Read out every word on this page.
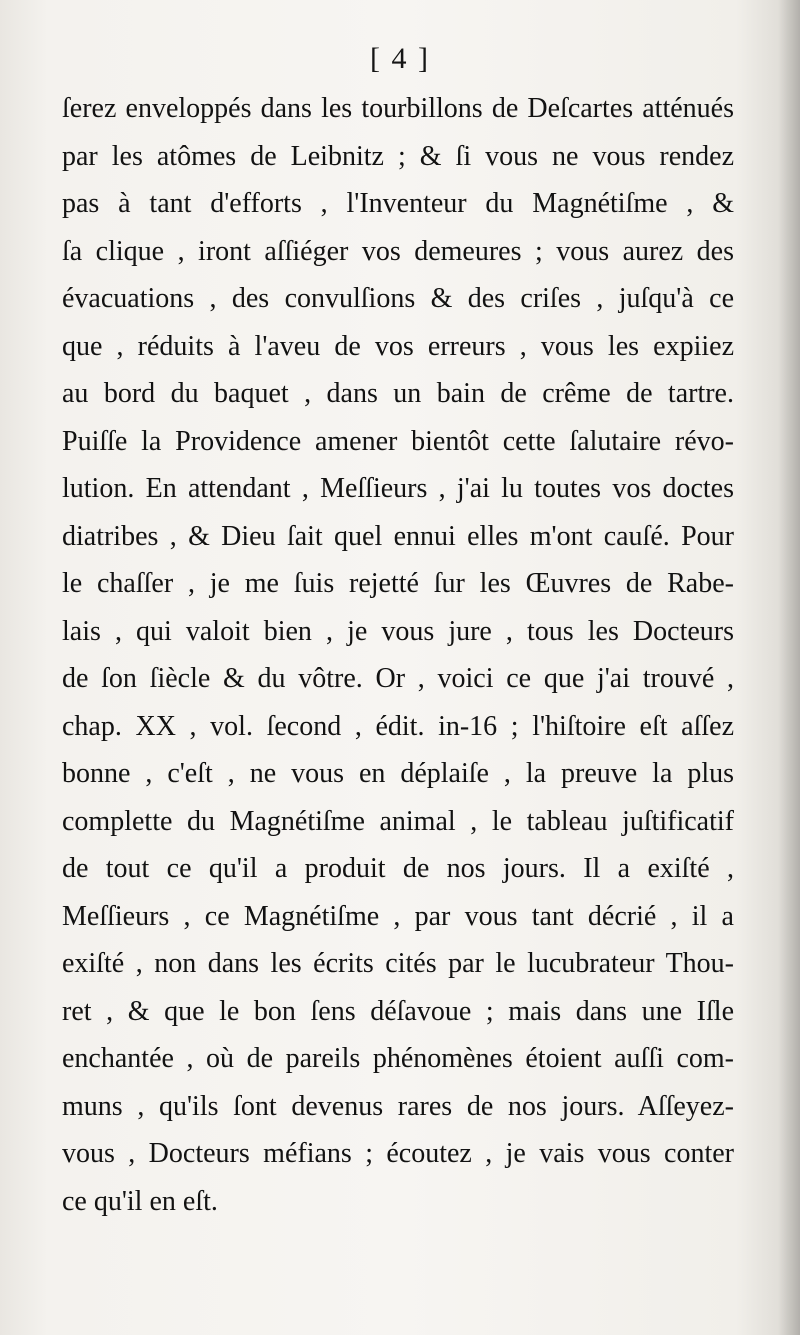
[ 4 ]
ſerez enveloppés dans les tourbillons de Deſcartes atténués
par les atômes de Leibnitz ; & ſi vous ne vous rendez
pas à tant d'efforts , l'Inventeur du Magnétiſme , &
ſa clique , iront aſſiéger vos demeures ; vous aurez des
évacuations , des convulſions & des criſes , juſqu'à ce
que , réduits à l'aveu de vos erreurs , vous les expiiez
au bord du baquet , dans un bain de crême de tartre.
Puiſſe la Providence amener bientôt cette ſalutaire révo-
lution. En attendant , Meſſieurs , j'ai lu toutes vos doctes
diatribes , & Dieu ſait quel ennui elles m'ont cauſé. Pour
le chaſſer , je me ſuis rejetté ſur les Œuvres de Rabe-
lais , qui valoit bien , je vous jure , tous les Docteurs
de ſon ſiècle & du vôtre. Or , voici ce que j'ai trouvé ,
chap. XX , vol. ſecond , édit. in-16 ; l'hiſtoire eſt aſſez
bonne , c'eſt , ne vous en déplaiſe , la preuve la plus
complette du Magnétiſme animal , le tableau juſtificatif
de tout ce qu'il a produit de nos jours. Il a exiſté ,
Meſſieurs , ce Magnétiſme , par vous tant décrié , il a
exiſté , non dans les écrits cités par le lucubrateur Thou-
ret , & que le bon ſens déſavoue ; mais dans une Iſle
enchantée , où de pareils phénomènes étoient auſſi com-
muns , qu'ils ſont devenus rares de nos jours. Aſſeyez-
vous , Docteurs méfians ; écoutez , je vais vous conter
ce qu'il en eſt.
